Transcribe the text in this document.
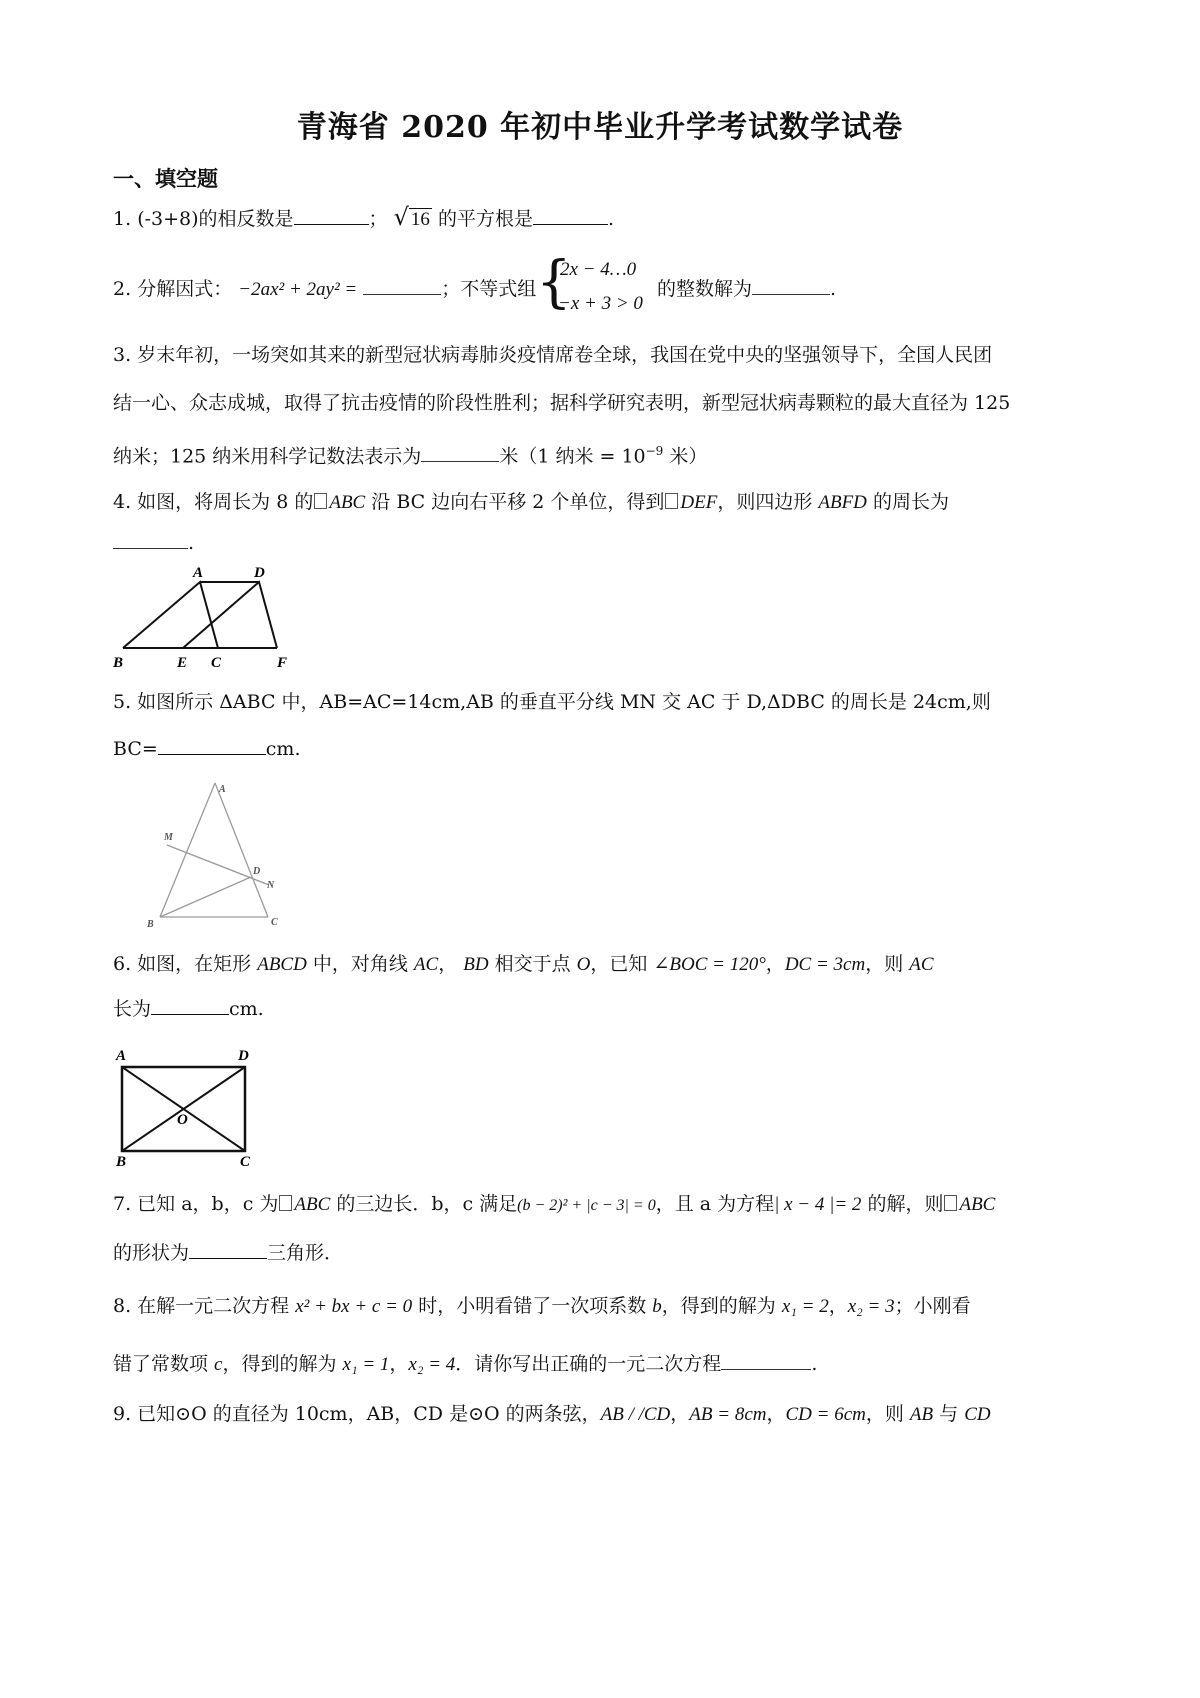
青海省 2020 年初中毕业升学考试数学试卷
一、填空题
1. (-3+8)的相反数是	； √ 16 的平方根是	.
2. 分解因式： −2ax² + 2ay² =	；不等式组 {
2x − 4…0
−x + 3 > 0
的整数解为	.
3. 岁末年初，一场突如其来的新型冠状病毒肺炎疫情席卷全球，我国在党中央的坚强领导下，全国人民团
结一心、众志成城，取得了抗击疫情的阶段性胜利；据科学研究表明，新型冠状病毒颗粒的最大直径为 125
纳米；125 纳米用科学记数法表示为	米（1 纳米 = $10^{-9}$ 米）
4. 如图，将周长为 8 的 ABC 沿 BC 边向右平移 2 个单位，得到 DEF，则四边形 ABFD 的周长为
.
A	D
B	E C	F
5. 如图所示 ΔABC 中，AB=AC=14cm,AB 的垂直平分线 MN 交 AC 于 D,ΔDBC 的周长是 24cm,则
BC=	cm.
A
M
D
N
B	C
6. 如图，在矩形 ABCD 中，对角线 AC， BD 相交于点 O，已知 ∠BOC = 120°，DC = 3cm，则 AC
长为	cm.
A	D
O
B	C
7. 已知 a，b，c 为 ABC 的三边长．b，c 满足(b − 2)² + |c − 3| = 0，且 a 为方程| x − 4 |= 2 的解，则 ABC
的形状为	三角形．
8. 在解一元二次方程 x² + bx + c = 0 时，小明看错了一次项系数 b，得到的解为 x₁ = 2，x₂ = 3；小刚看
错了常数项 c，得到的解为 x₁ = 1，x₂ = 4．请你写出正确的一元二次方程	.
9. 已知⊙O 的直径为 10cm，AB，CD 是⊙O 的两条弦，AB / /CD，AB = 8cm，CD = 6cm，则 AB 与 CD
